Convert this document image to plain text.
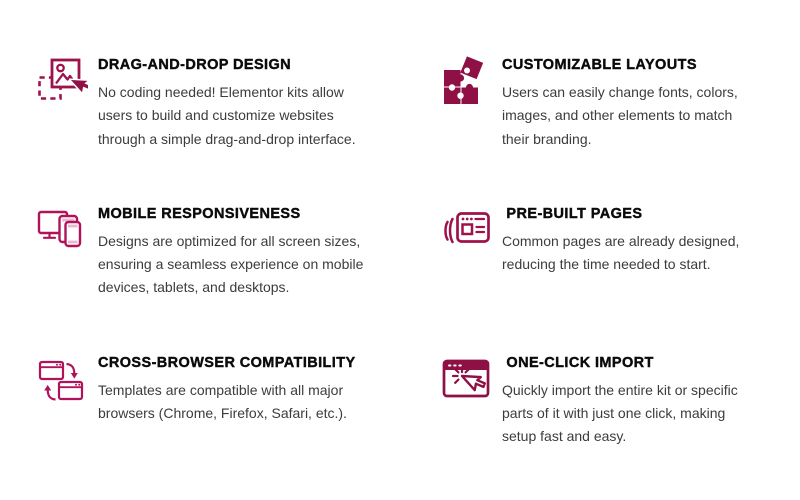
DRAG-AND-DROP DESIGN
No coding needed! Elementor kits allow users to build and customize websites through a simple drag-and-drop interface.
CUSTOMIZABLE LAYOUTS
Users can easily change fonts, colors, images, and other elements to match their branding.
MOBILE RESPONSIVENESS
Designs are optimized for all screen sizes, ensuring a seamless experience on mobile devices, tablets, and desktops.
PRE-BUILT PAGES
Common pages are already designed, reducing the time needed to start.
CROSS-BROWSER COMPATIBILITY
Templates are compatible with all major browsers (Chrome, Firefox, Safari, etc.).
ONE-CLICK IMPORT
Quickly import the entire kit or specific parts of it with just one click, making setup fast and easy.
